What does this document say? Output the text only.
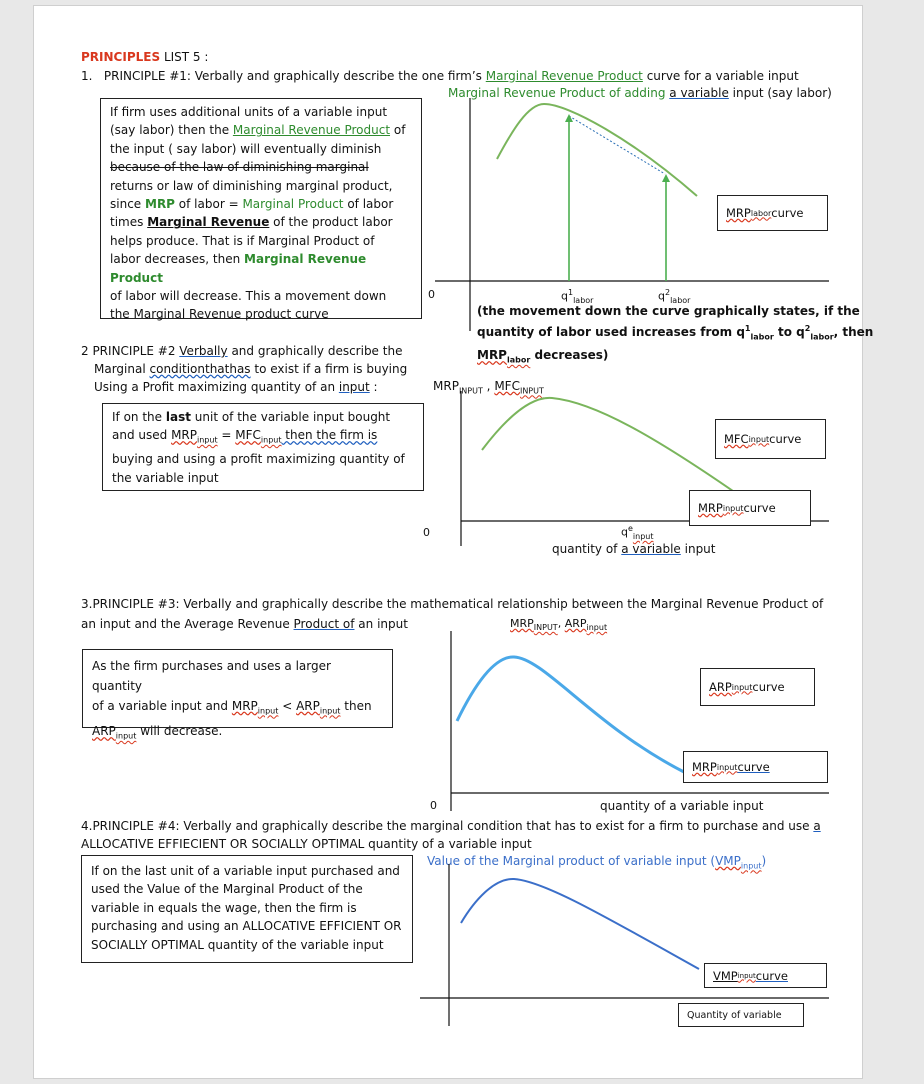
PRINCIPLES LIST 5 :
1. PRINCIPLE #1: Verbally and graphically describe the one firm’s Marginal Revenue Product curve for a variable input
Marginal Revenue Product of adding a variable input (say labor)
If firm uses additional units of a variable input
(say labor) then the Marginal Revenue Product of
the input ( say labor) will eventually diminish
because of the law of diminishing marginal
returns or law of diminishing marginal product,
since MRP of labor = Marginal Product of labor
times Marginal Revenue of the product labor
helps produce. That is if Marginal Product of
labor decreases, then Marginal Revenue Product
of labor will decrease. This a movement down
the Marginal Revenue product curve
MRP labor curve
0	$q^1_{labor}$	$q^2_{labor}$
(the movement down the curve graphically states, if the
quantity of labor used increases from $q^1_{labor}$ to $q^2_{labor}$, then
$MRP_{labor}$ decreases)
2 PRINCIPLE #2 Verbally and graphically describe the
Marginal conditionthathas to exist if a firm is buying
Using a Profit maximizing quantity of an input :	$MRP_{INPUT}$ , $MFC_{INPUT}$
If on the last unit of the variable input bought
and used $MRP_{input} = MFC_{input}$ then the firm is
buying and using a profit maximizing quantity of
the variable input
MFC input curve
MRP input curve
0	$q^e_{input}$
quantity of a variable input
3.PRINCIPLE #3: Verbally and graphically describe the mathematical relationship between the Marginal Revenue Product of
an input and the Average Revenue Product of an input	$MRP_{INPUT}$, $ARP_{input}$
As the firm purchases and uses a larger quantity
of a variable input and $MRP_{input} < ARP_{input}$ then
$ARP_{input}$ will decrease.
ARP input curve
MRP input curve
0	quantity of a variable input
4.PRINCIPLE #4: Verbally and graphically describe the marginal condition that has to exist for a firm to purchase and use a
ALLOCATIVE EFFIECIENT OR SOCIALLY OPTIMAL quantity of a variable input
Value of the Marginal product of variable input $(VMP_{input})$
If on the last unit of a variable input purchased and
used the Value of the Marginal Product of the
variable in equals the wage, then the firm is
purchasing and using an ALLOCATIVE EFFICIENT OR
SOCIALLY OPTIMAL quantity of the variable input
VMP input curve
Quantity of variable
